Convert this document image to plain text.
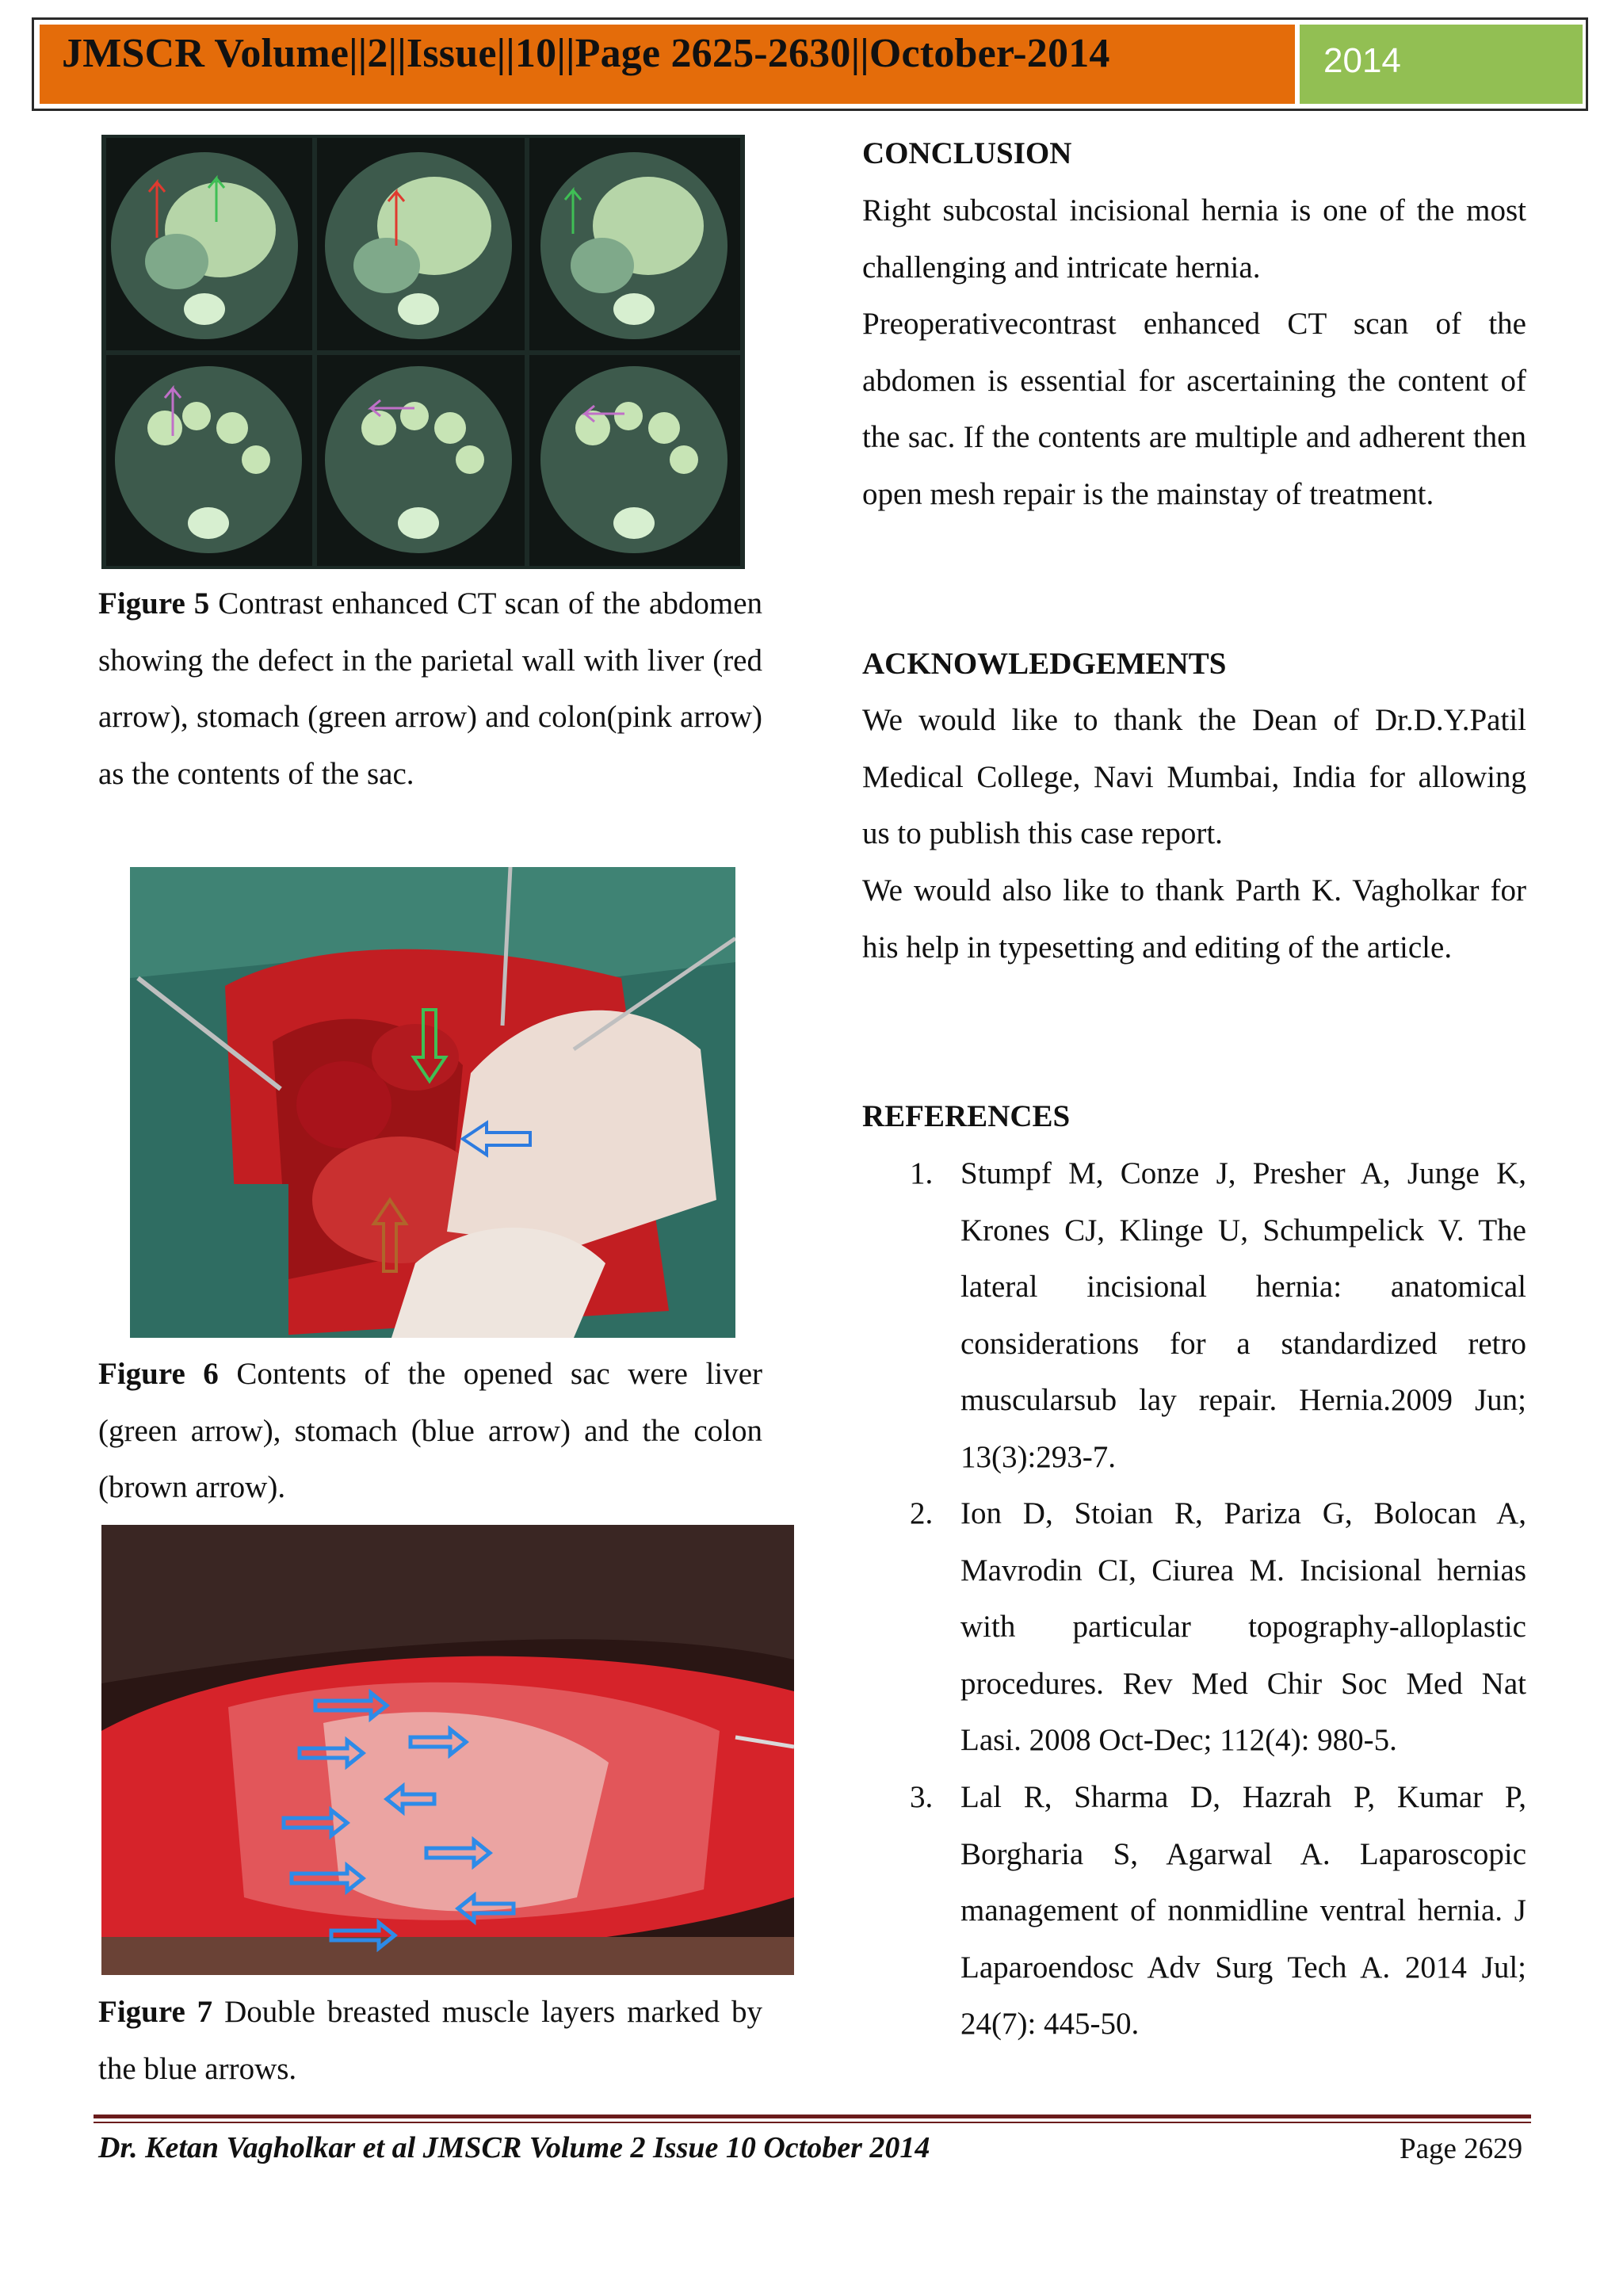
JMSCR Volume||2||Issue||10||Page 2625-2630||October-2014	2014
Figure 5 Contrast enhanced CT scan of the abdomen showing the defect in the parietal wall with liver (red arrow), stomach (green arrow) and colon(pink arrow) as the contents of the sac.
Figure 6 Contents of the opened sac were liver (green arrow), stomach (blue arrow) and the colon (brown arrow).
Figure 7 Double breasted muscle layers marked by the blue arrows.
CONCLUSION
Right subcostal incisional hernia is one of the most challenging and intricate hernia.
Preoperativecontrast enhanced CT scan of the abdomen is essential for ascertaining the content of the sac. If the contents are multiple and adherent then open mesh repair is the mainstay of treatment.
ACKNOWLEDGEMENTS
We would like to thank the Dean of Dr.D.Y.Patil Medical College, Navi Mumbai, India for allowing us to publish this case report.
We would also like to thank Parth K. Vagholkar for his help in typesetting and editing of the article.
REFERENCES
1. Stumpf M, Conze J, Presher A, Junge K, Krones CJ, Klinge U, Schumpelick V. The lateral incisional hernia: anatomical considerations for a standardized retro muscularsub lay repair. Hernia.2009 Jun; 13(3):293-7.
2. Ion D, Stoian R, Pariza G, Bolocan A, Mavrodin CI, Ciurea M. Incisional hernias with particular topography-alloplastic procedures. Rev Med Chir Soc Med Nat Lasi. 2008 Oct-Dec; 112(4): 980-5.
3. Lal R, Sharma D, Hazrah P, Kumar P, Borgharia S, Agarwal A. Laparoscopic management of nonmidline ventral hernia. J Laparoendosc Adv Surg Tech A. 2014 Jul; 24(7): 445-50.
Dr. Ketan Vagholkar et al JMSCR Volume 2 Issue 10 October 2014	Page 2629
